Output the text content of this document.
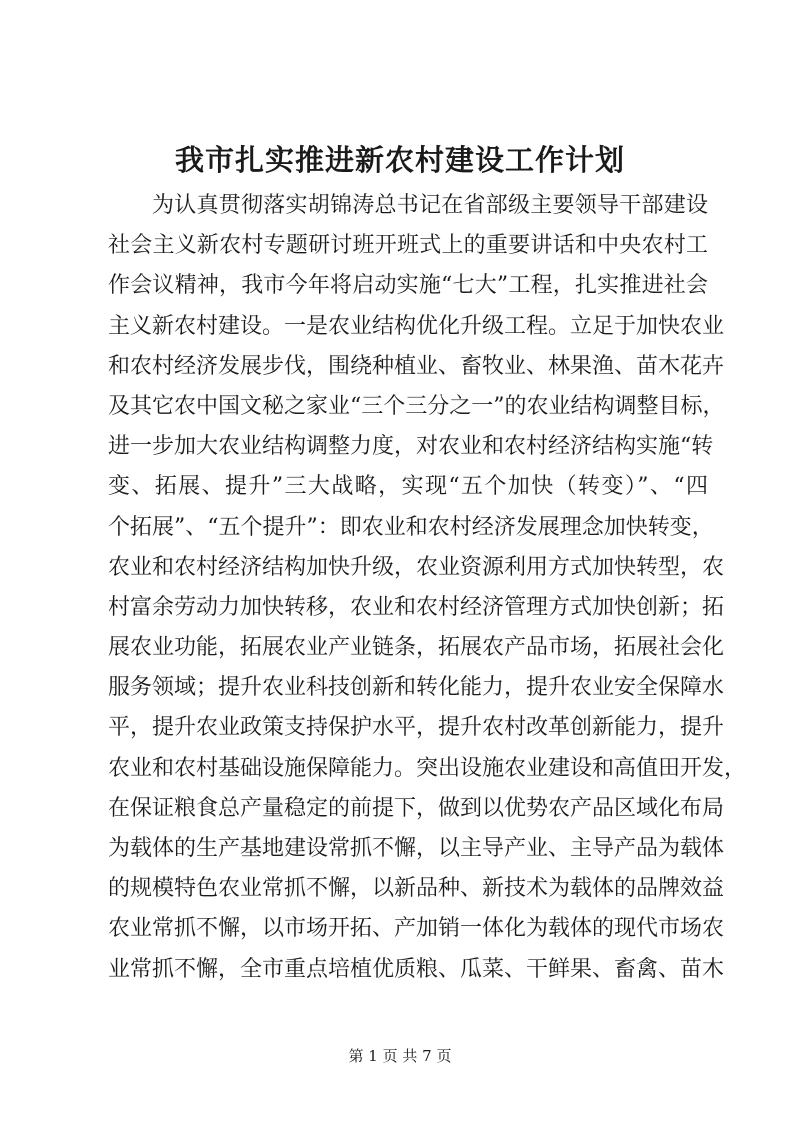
我市扎实推进新农村建设工作计划
为认真贯彻落实胡锦涛总书记在省部级主要领导干部建设
社会主义新农村专题研讨班开班式上的重要讲话和中央农村工
作会议精神，我市今年将启动实施“七大”工程，扎实推进社会
主义新农村建设。一是农业结构优化升级工程。立足于加快农业
和农村经济发展步伐，围绕种植业、畜牧业、林果渔、苗木花卉
及其它农中国文秘之家业“三个三分之一”的农业结构调整目标，
进一步加大农业结构调整力度，对农业和农村经济结构实施“转
变、拓展、提升”三大战略，实现“五个加快（转变）”、“四
个拓展”、“五个提升”：即农业和农村经济发展理念加快转变，
农业和农村经济结构加快升级，农业资源利用方式加快转型，农
村富余劳动力加快转移，农业和农村经济管理方式加快创新；拓
展农业功能，拓展农业产业链条，拓展农产品市场，拓展社会化
服务领域；提升农业科技创新和转化能力，提升农业安全保障水
平，提升农业政策支持保护水平，提升农村改革创新能力，提升
农业和农村基础设施保障能力。突出设施农业建设和高值田开发，
在保证粮食总产量稳定的前提下，做到以优势农产品区域化布局
为载体的生产基地建设常抓不懈，以主导产业、主导产品为载体
的规模特色农业常抓不懈，以新品种、新技术为载体的品牌效益
农业常抓不懈，以市场开拓、产加销一体化为载体的现代市场农
业常抓不懈，全市重点培植优质粮、瓜菜、干鲜果、畜禽、苗木
第 1 页 共 7 页
